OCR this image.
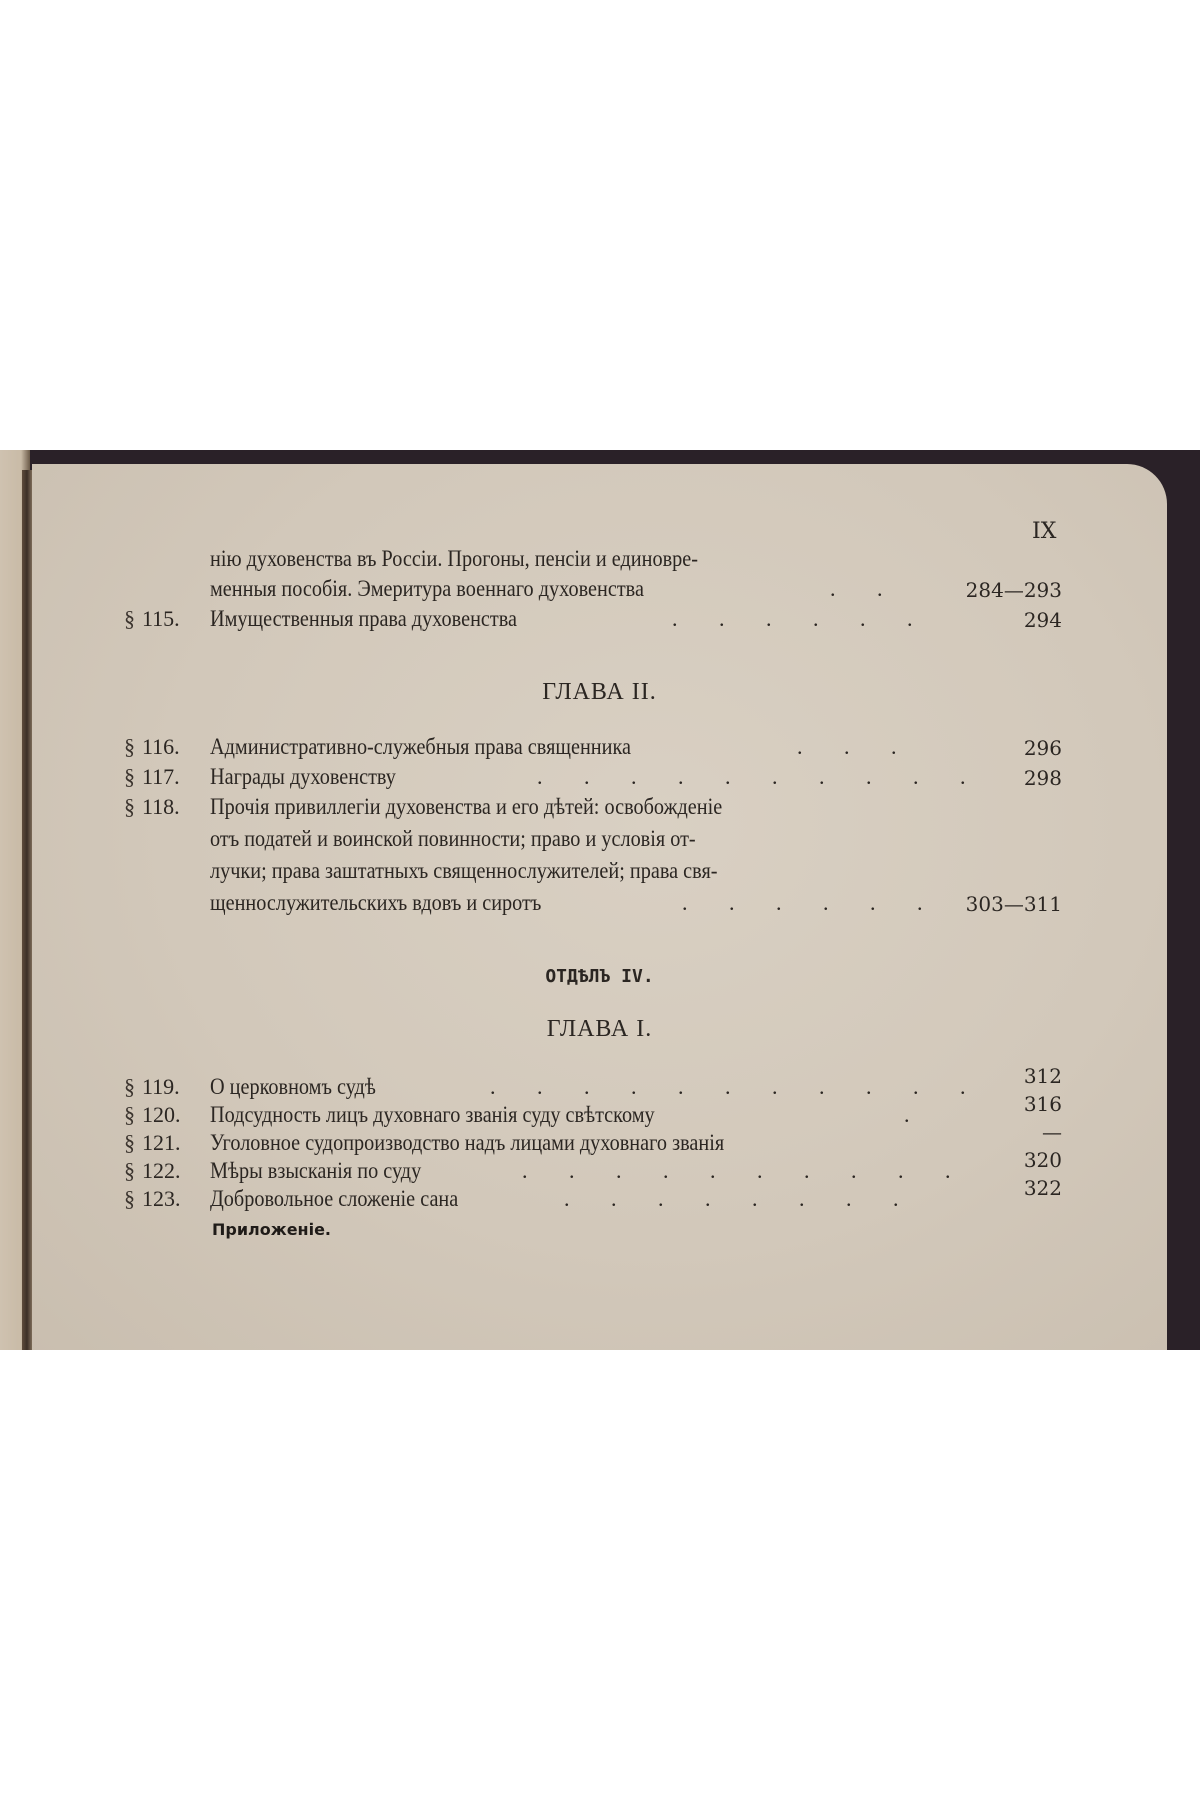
IX
нію духовенства въ Россіи. Прогоны, пенсіи и единовре-
менныя пособія. Эмеритура военнаго духовенства	. .	284—293
§ 115. Имущественныя права духовенства	. . . . . .	294
ГЛАВА II.
§ 116. Административно-служебныя права священника	. . .	296
§ 117. Награды духовенству	. . . . . . . . . .	298
§ 118. Прочія привиллегіи духовенства и его дѣтей: освобожденіе
отъ податей и воинской повинности; право и условія от-
лучки; права заштатныхъ священнослужителей; права свя-
щеннослужительскихъ вдовъ и сиротъ	. . . . . .	303—311
ОТДѢЛЪ IV.
ГЛАВА I.
§ 119. О церковномъ судѣ	. . . . . . . . . . .	312
§ 120. Подсудность лицъ духовнаго званія суду свѣтскому	.	316
§ 121. Уголовное судопроизводство надъ лицами духовнаго званія	—
§ 122. Мѣры взысканія по суду	. . . . . . . . . .	320
§ 123. Добровольное сложеніе сана	. . . . . . . .	322
Приложеніе.
